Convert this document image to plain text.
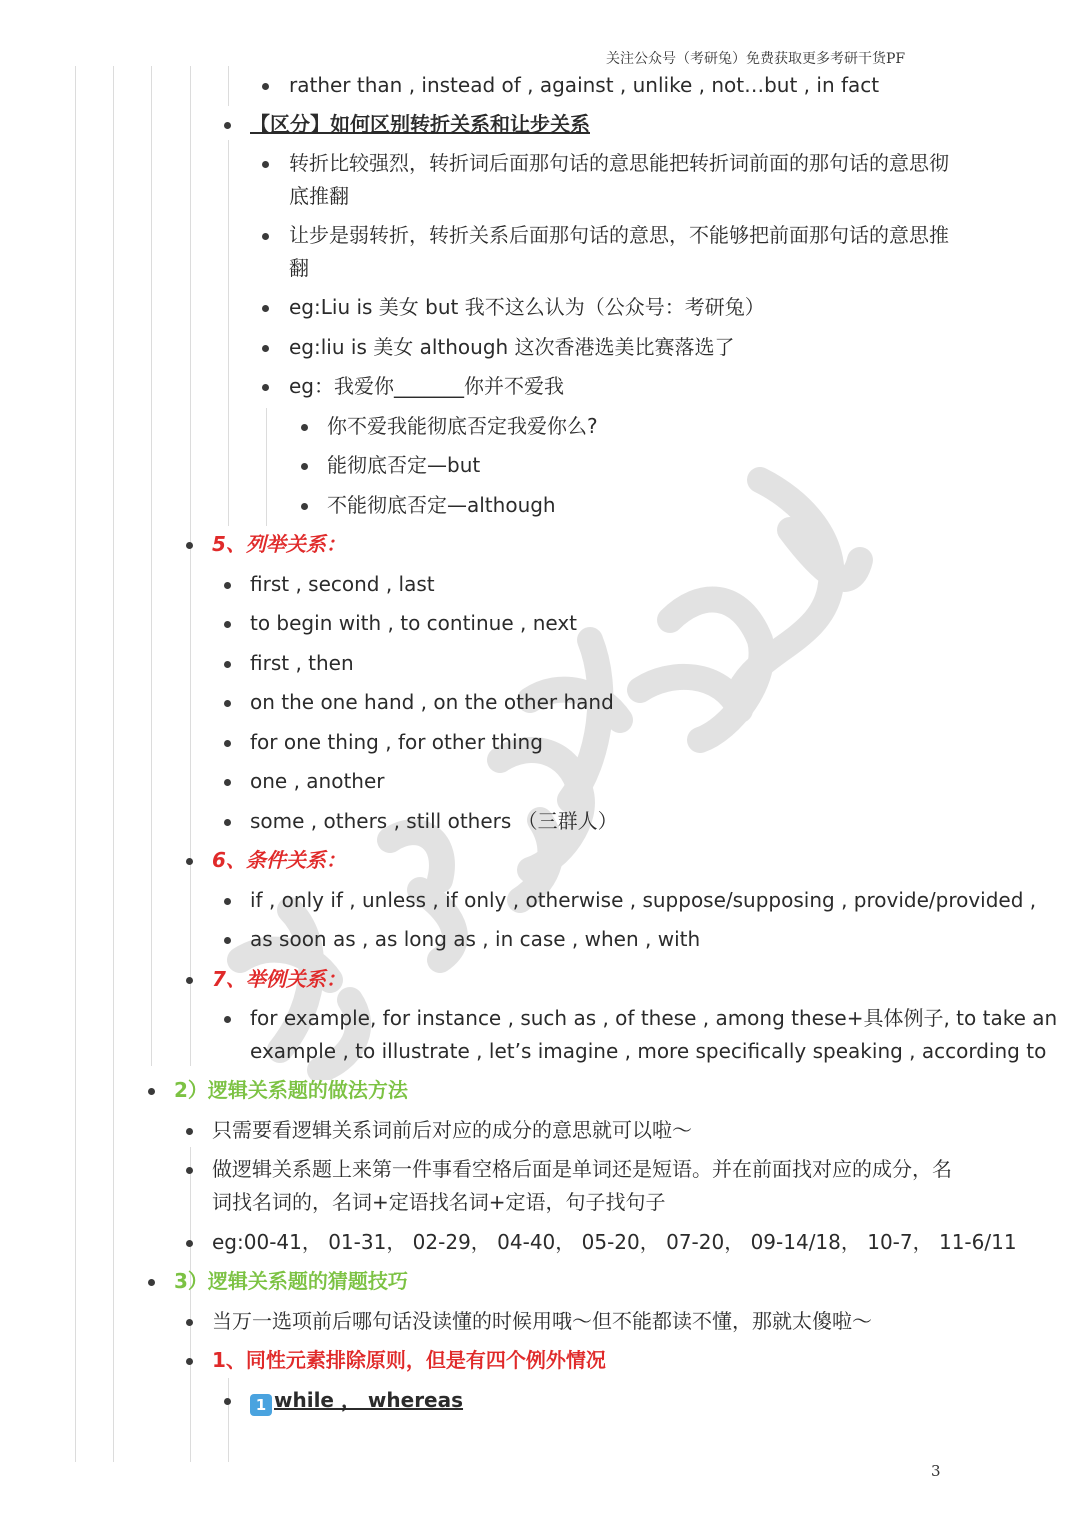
关注公众号（考研兔）免费获取更多考研干货PF
3
rather than , instead of , against , unlike , not…but , in fact
【区分】如何区别转折关系和让步关系
转折比较强烈，转折词后面那句话的意思能把转折词前面的那句话的意思彻
底推翻
让步是弱转折，转折关系后面那句话的意思，不能够把前面那句话的意思推
翻
eg:Liu is 美女 but 我不这么认为（公众号：考研兔）
eg:liu is 美女 although 这次香港选美比赛落选了
eg：我爱你_______你并不爱我
你不爱我能彻底否定我爱你么?
能彻底否定—but
不能彻底否定—although
5、列举关系：
first , second , last
to begin with , to continue , next
first , then
on the one hand , on the other hand
for one thing , for other thing
one , another
some , others , still others （三群人）
6、条件关系：
if , only if , unless , if only , otherwise , suppose/supposing , provide/provided ,
as soon as , as long as , in case , when , with
7、举例关系：
for example, for instance , such as , of these , among these+具体例子, to take an
example , to illustrate , let’s imagine , more specifically speaking , according to
2）逻辑关系题的做法方法
只需要看逻辑关系词前后对应的成分的意思就可以啦～
做逻辑关系题上来第一件事看空格后面是单词还是短语。并在前面找对应的成分，名
词找名词的，名词+定语找名词+定语，句子找句子
eg:00-41， 01-31， 02-29， 04-40， 05-20， 07-20， 09-14/18， 10-7， 11-6/11
3）逻辑关系题的猜题技巧
当万一选项前后哪句话没读懂的时候用哦～但不能都读不懂，那就太傻啦～
1、同性元素排除原则，但是有四个例外情况
1 while ， whereas
